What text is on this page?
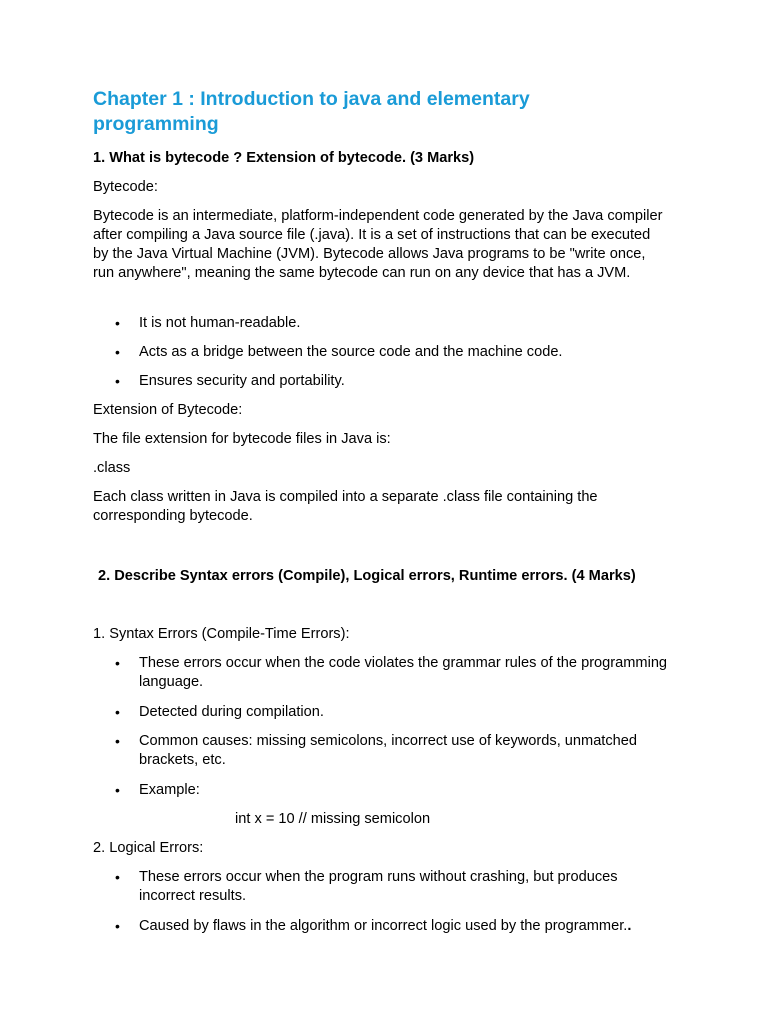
Chapter 1 : Introduction to java and elementary programming

1. What is bytecode ? Extension of bytecode. (3 Marks)

Bytecode:

Bytecode is an intermediate, platform-independent code generated by the Java compiler after compiling a Java source file (.java). It is a set of instructions that can be executed by the Java Virtual Machine (JVM). Bytecode allows Java programs to be "write once, run anywhere", meaning the same bytecode can run on any device that has a JVM.

• It is not human-readable.
• Acts as a bridge between the source code and the machine code.
• Ensures security and portability.

Extension of Bytecode:

The file extension for bytecode files in Java is:

.class

Each class written in Java is compiled into a separate .class file containing the corresponding bytecode.

2. Describe Syntax errors (Compile), Logical errors, Runtime errors. (4 Marks)

1. Syntax Errors (Compile-Time Errors):

• These errors occur when the code violates the grammar rules of the programming language.
• Detected during compilation.
• Common causes: missing semicolons, incorrect use of keywords, unmatched brackets, etc.
• Example:

int x = 10 // missing semicolon

2. Logical Errors:

• These errors occur when the program runs without crashing, but produces incorrect results.
• Caused by flaws in the algorithm or incorrect logic used by the programmer..
